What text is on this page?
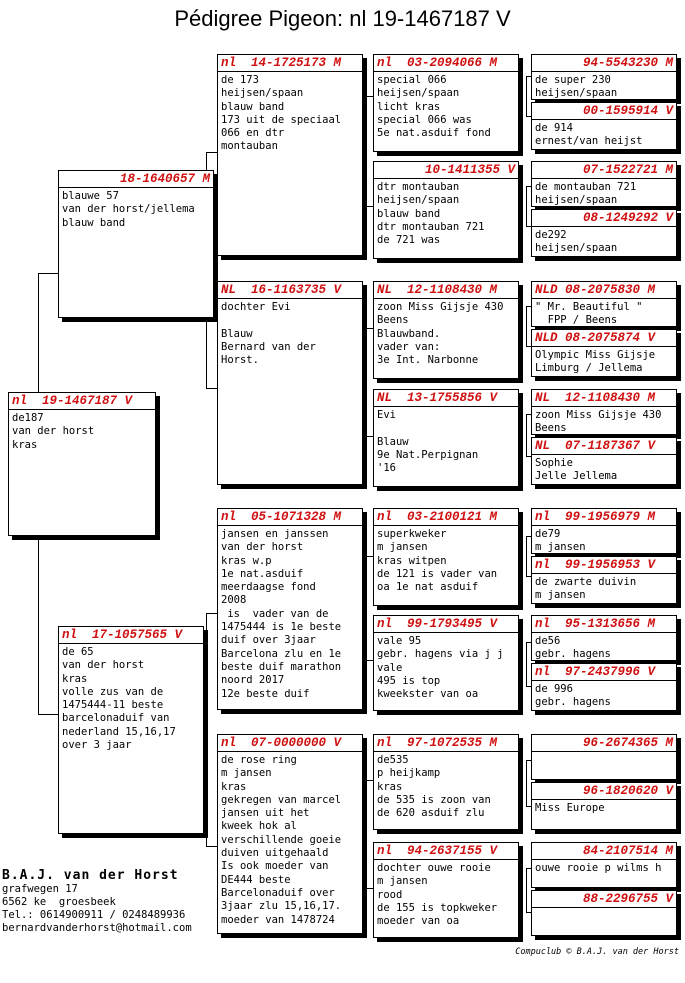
Pédigree Pigeon: nl 19-1467187 V
nl 19-1467187 V
de187
van der horst
kras
18-1640657 M
blauwe 57
van der horst/jellema
blauw band
nl 17-1057565 V
de 65
van der horst
kras
volle zus van de
1475444-11 beste
barcelonaduif van
nederland 15,16,17
over 3 jaar
nl 14-1725173 M
de 173
heijsen/spaan
blauw band
173 uit de speciaal
066 en dtr
montauban
NL 16-1163735 V
dochter Evi

Blauw
Bernard van der
Horst.
nl 05-1071328 M
jansen en janssen
van der horst
kras w.p
1e nat.asduif
meerdaagse fond
2008
is  vader van de
1475444 is 1e beste
duif over 3jaar
Barcelona zlu en 1e
beste duif marathon
noord 2017
12e beste duif
nl 07-0000000 V
de rose ring
m jansen
kras
gekregen van marcel
jansen uit het
kweek hok al
verschillende goeie
duiven uitgehaald
Is ook moeder van
DE444 beste
Barcelonaduif over
3jaar zlu 15,16,17.
moeder van 1478724
nl 03-2094066 M
special 066
heijsen/spaan
licht kras
special 066 was
5e nat.asduif fond
10-1411355 V
dtr montauban
heijsen/spaan
blauw band
dtr montauban 721
de 721 was
NL 12-1108430 M
zoon Miss Gijsje 430
Beens
Blauwband.
vader van:
3e Int. Narbonne
NL 13-1755856 V
Evi

Blauw
9e Nat.Perpignan
'16
nl 03-2100121 M
superkweker
m jansen
kras witpen
de 121 is vader van
oa 1e nat asduif
nl 99-1793495 V
vale 95
gebr. hagens via j j
vale
495 is top
kweekster van oa
nl 97-1072535 M
de535
p heijkamp
kras
de 535 is zoon van
de 620 asduif zlu
nl 94-2637155 V
dochter ouwe rooie
m jansen
rood
de 155 is topkweker
moeder van oa
94-5543230 M
de super 230
heijsen/spaan
00-1595914 V
de 914
ernest/van heijst
07-1522721 M
de montauban 721
heijsen/spaan
08-1249292 V
de292
heijsen/spaan
NLD 08-2075830 M
" Mr. Beautiful "
FPP / Beens
NLD 08-2075874 V
Olympic Miss Gijsje
Limburg / Jellema
NL 12-1108430 M
zoon Miss Gijsje 430
Beens
NL 07-1187367 V
Sophie
Jelle Jellema
nl 99-1956979 M
de79
m jansen
nl 99-1956953 V
de zwarte duivin
m jansen
nl 95-1313656 M
de56
gebr. hagens
nl 97-2437996 V
de 996
gebr. hagens
96-2674365 M
96-1820620 V
Miss Europe
84-2107514 M
ouwe rooie p wilms h
88-2296755 V
B.A.J. van der Horst
grafwegen 17
6562 ke  groesbeek
Tel.: 0614900911 / 0248489936
bernardvanderhorst@hotmail.com
Compuclub © B.A.J. van der Horst
